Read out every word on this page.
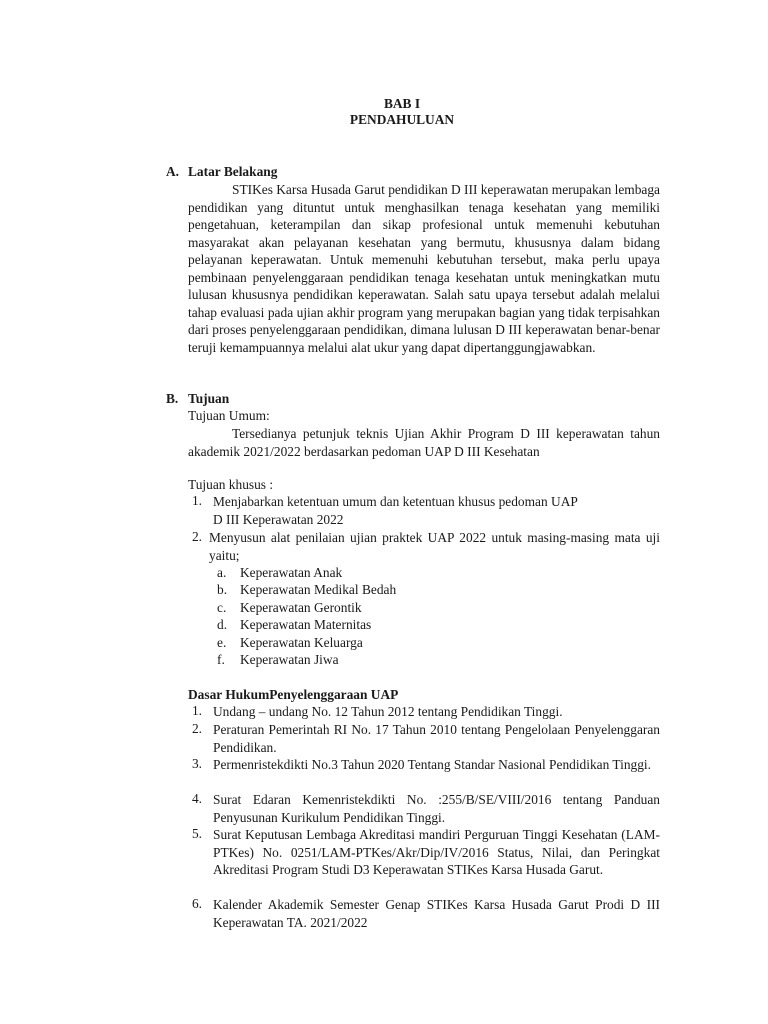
BAB I
PENDAHULUAN
A. Latar Belakang
STIKes Karsa Husada Garut pendidikan D III keperawatan merupakan lembaga pendidikan yang dituntut untuk menghasilkan tenaga kesehatan yang memiliki pengetahuan, keterampilan dan sikap profesional untuk memenuhi kebutuhan masyarakat akan pelayanan kesehatan yang bermutu, khususnya dalam bidang pelayanan keperawatan. Untuk memenuhi kebutuhan tersebut, maka perlu upaya pembinaan penyelenggaraan pendidikan tenaga kesehatan untuk meningkatkan mutu lulusan khususnya pendidikan keperawatan. Salah satu upaya tersebut adalah melalui tahap evaluasi pada ujian akhir program yang merupakan bagian yang tidak terpisahkan dari proses penyelenggaraan pendidikan, dimana lulusan D III keperawatan benar-benar teruji kemampuannya melalui alat ukur yang dapat dipertanggungjawabkan.
B. Tujuan
Tujuan Umum:
Tersedianya petunjuk teknis Ujian Akhir Program D III keperawatan tahun akademik 2021/2022 berdasarkan pedoman UAP D III Kesehatan
Tujuan khusus :
1. Menjabarkan ketentuan umum dan ketentuan khusus pedoman UAP
D III Keperawatan 2022
2. Menyusun alat penilaian ujian praktek UAP 2022 untuk masing-masing mata uji yaitu;
a. Keperawatan Anak
b. Keperawatan Medikal Bedah
c. Keperawatan Gerontik
d. Keperawatan Maternitas
e. Keperawatan Keluarga
f. Keperawatan Jiwa
Dasar HukumPenyelenggaraan UAP
1. Undang – undang No. 12 Tahun 2012 tentang Pendidikan Tinggi.
2. Peraturan Pemerintah RI No. 17 Tahun 2010 tentang Pengelolaan Penyelenggaran Pendidikan.
3. Permenristekdikti No.3 Tahun 2020 Tentang Standar Nasional Pendidikan Tinggi.
4. Surat Edaran Kemenristekdikti No. :255/B/SE/VIII/2016 tentang Panduan Penyusunan Kurikulum Pendidikan Tinggi.
5. Surat Keputusan Lembaga Akreditasi mandiri Perguruan Tinggi Kesehatan (LAM-PTKes) No. 0251/LAM-PTKes/Akr/Dip/IV/2016 Status, Nilai, dan Peringkat Akreditasi Program Studi D3 Keperawatan STIKes Karsa Husada Garut.
6. Kalender Akademik Semester Genap STIKes Karsa Husada Garut Prodi D III Keperawatan TA. 2021/2022
